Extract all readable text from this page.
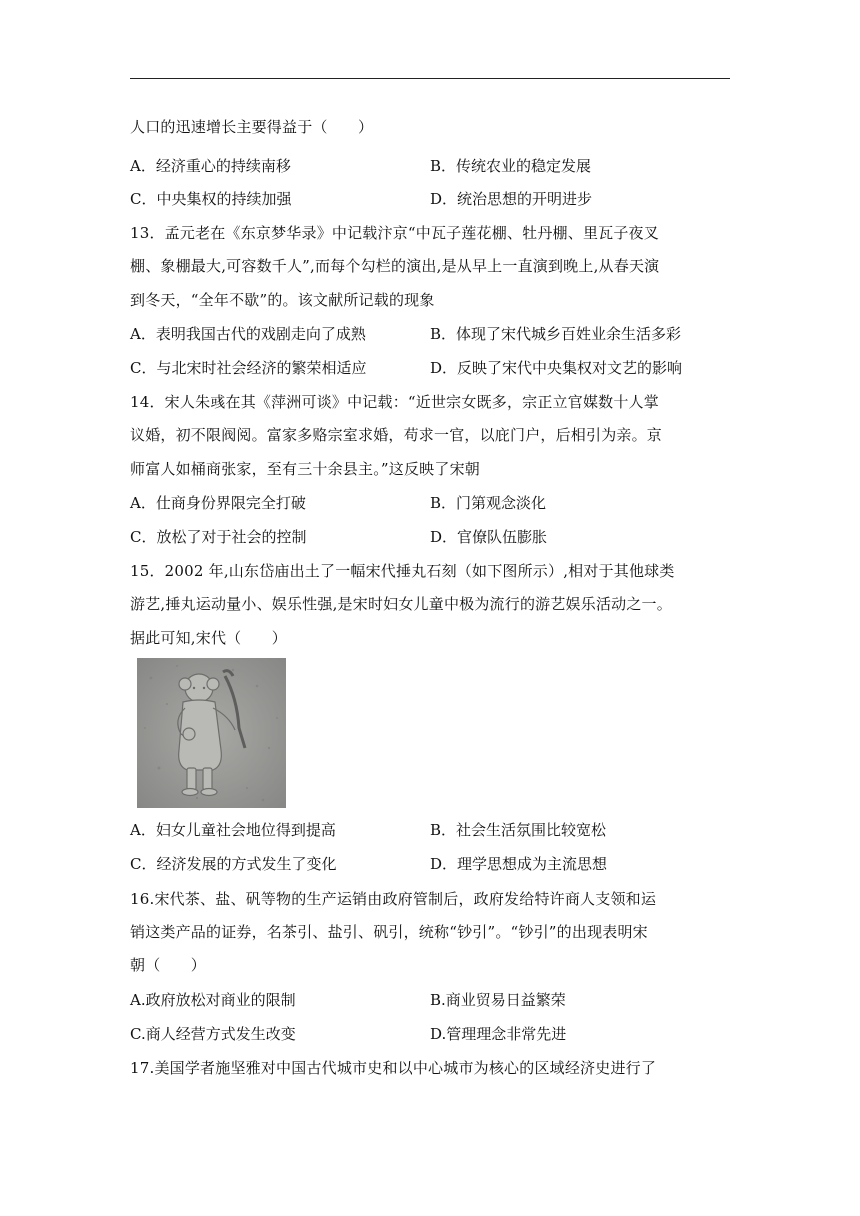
人口的迅速增长主要得益于（　　）
A．经济重心的持续南移	B．传统农业的稳定发展
C．中央集权的持续加强	D．统治思想的开明进步
13．孟元老在《东京梦华录》中记载汴京“中瓦子莲花棚、牡丹棚、里瓦子夜叉
棚、象棚最大,可容数千人”,而每个勾栏的演出,是从早上一直演到晚上,从春天演
到冬天，“全年不歇”的。该文献所记载的现象
A．表明我国古代的戏剧走向了成熟	B．体现了宋代城乡百姓业余生活多彩
C．与北宋时社会经济的繁荣相适应	D．反映了宋代中央集权对文艺的影响
14．宋人朱彧在其《萍洲可谈》中记载：“近世宗女既多，宗正立官媒数十人掌
议婚，初不限阀阅。富家多赂宗室求婚，苟求一官，以庇门户，后相引为亲。京
师富人如桶商张家，至有三十余县主。”这反映了宋朝
A．仕商身份界限完全打破	B．门第观念淡化
C．放松了对于社会的控制	D．官僚队伍膨胀
15．2002 年,山东岱庙出土了一幅宋代捶丸石刻（如下图所示）,相对于其他球类
游艺,捶丸运动量小、娱乐性强,是宋时妇女儿童中极为流行的游艺娱乐活动之一。
据此可知,宋代（　　）
A．妇女儿童社会地位得到提高	B．社会生活氛围比较宽松
C．经济发展的方式发生了变化	D．理学思想成为主流思想
16.宋代茶、盐、矾等物的生产运销由政府管制后，政府发给特许商人支领和运
销这类产品的证券，名茶引、盐引、矾引，统称“钞引”。“钞引”的出现表明宋
朝（　　）
A.政府放松对商业的限制	B.商业贸易日益繁荣
C.商人经营方式发生改变	D.管理理念非常先进
17.美国学者施坚雅对中国古代城市史和以中心城市为核心的区域经济史进行了
